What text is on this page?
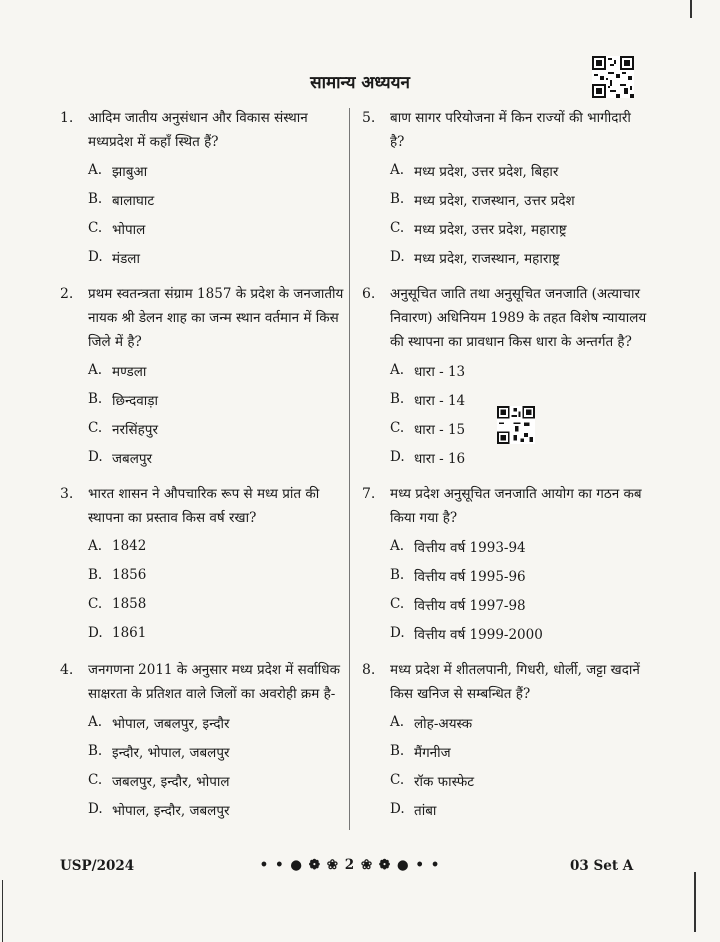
सामान्य अध्ययन
1.	आदिम जातीय अनुसंधान और विकास संस्थान मध्यप्रदेश में कहाँ स्थित हैं?
A. झाबुआ
B. बालाघाट
C. भोपाल
D. मंडला
2.	प्रथम स्वतन्त्रता संग्राम 1857 के प्रदेश के जनजातीय नायक श्री डेलन शाह का जन्म स्थान वर्तमान में किस जिले में है?
A. मण्डला
B. छिन्दवाड़ा
C. नरसिंहपुर
D. जबलपुर
3.	भारत शासन ने औपचारिक रूप से मध्य प्रांत की स्थापना का प्रस्ताव किस वर्ष रखा?
A. 1842
B. 1856
C. 1858
D. 1861
4.	जनगणना 2011 के अनुसार मध्य प्रदेश में सर्वाधिक साक्षरता के प्रतिशत वाले जिलों का अवरोही क्रम है-
A. भोपाल, जबलपुर, इन्दौर
B. इन्दौर, भोपाल, जबलपुर
C. जबलपुर, इन्दौर, भोपाल
D. भोपाल, इन्दौर, जबलपुर
5.	बाण सागर परियोजना में किन राज्यों की भागीदारी है?
A. मध्य प्रदेश, उत्तर प्रदेश, बिहार
B. मध्य प्रदेश, राजस्थान, उत्तर प्रदेश
C. मध्य प्रदेश, उत्तर प्रदेश, महाराष्ट्र
D. मध्य प्रदेश, राजस्थान, महाराष्ट्र
6.	अनुसूचित जाति तथा अनुसूचित जनजाति (अत्याचार निवारण) अधिनियम 1989 के तहत विशेष न्यायालय की स्थापना का प्रावधान किस धारा के अन्तर्गत है?
A. धारा - 13
B. धारा - 14
C. धारा - 15
D. धारा - 16
7.	मध्य प्रदेश अनुसूचित जनजाति आयोग का गठन कब किया गया है?
A. वित्तीय वर्ष 1993-94
B. वित्तीय वर्ष 1995-96
C. वित्तीय वर्ष 1997-98
D. वित्तीय वर्ष 1999-2000
8.	मध्य प्रदेश में शीतलपानी, गिधरी, धोर्ली, जट्टा खदानें किस खनिज से सम्बन्धित हैं?
A. लोह-अयस्क
B. मैंगनीज
C. रॉक फास्फेट
D. तांबा
USP/2024	• • ● ❁ ❀ 2 ❀ ❁ ● • •	03 Set A
